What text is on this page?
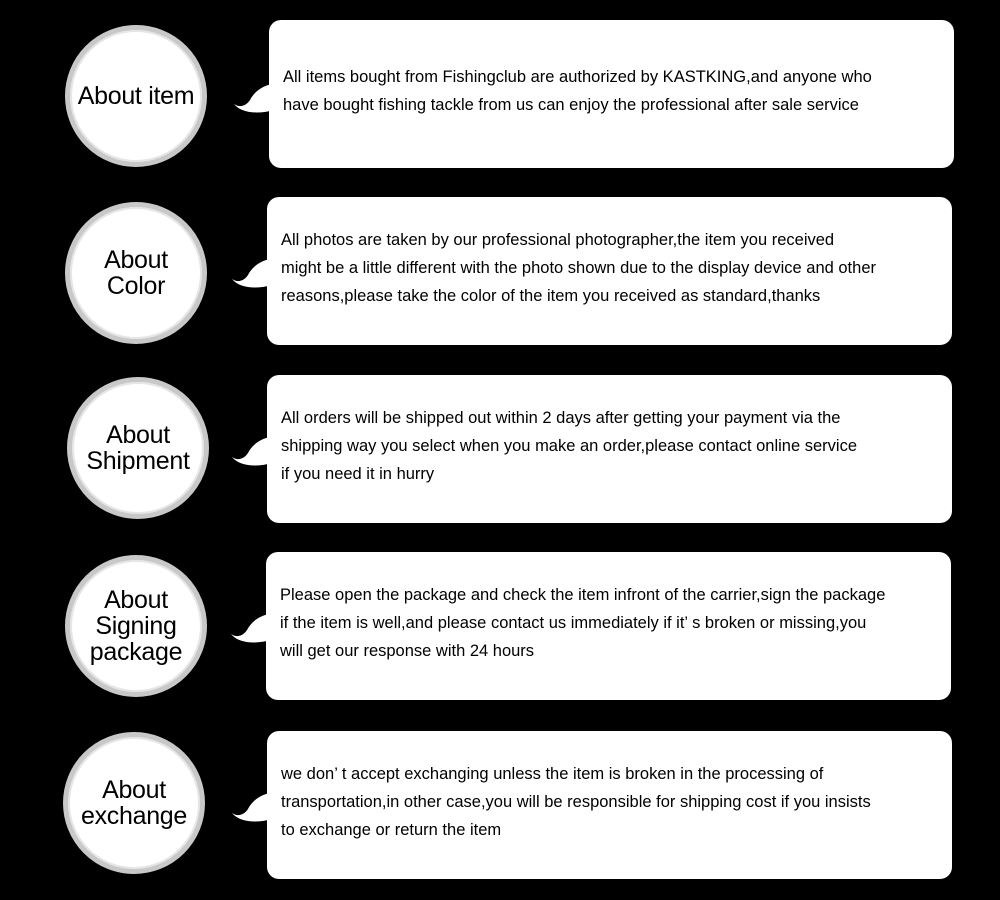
About item
All items bought from Fishingclub are authorized by KASTKING,and anyone who
have bought fishing tackle from us can enjoy the professional after sale service
About
Color
All photos are taken by our professional photographer,the item you received
might be a little different with the photo shown due to the display device and other
reasons,please take the color of the item you received as standard,thanks
About
Shipment
All orders will be shipped out within 2 days after getting your payment via the
shipping way you select when you make an order,please contact online service
if you need it in hurry
About
Signing
package
Please open the package and check the item infront of the carrier,sign the package
if the item is well,and please contact us immediately if it’ s broken or missing,you
will get our response with 24 hours
About
exchange
we don’ t accept exchanging unless the item is broken in the processing of
transportation,in other case,you will be responsible for shipping cost if you insists
to exchange or return the item
